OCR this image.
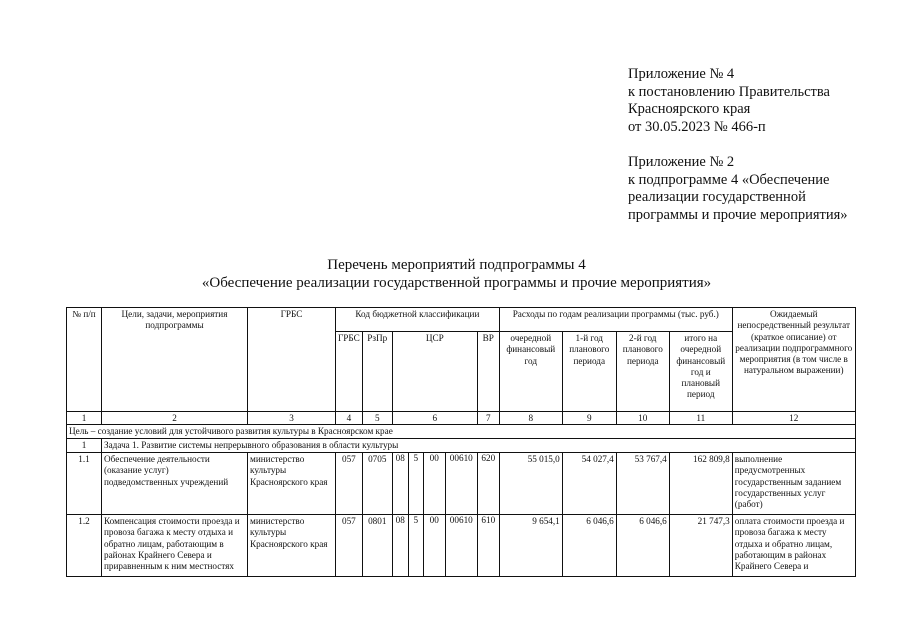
Приложение № 4
к постановлению Правительства
Красноярского края
от 30.05.2023 № 466-п
Приложение № 2
к подпрограмме 4 «Обеспечение
реализации государственной
программы и прочие мероприятия»
Перечень мероприятий подпрограммы 4
«Обеспечение реализации государственной программы и прочие мероприятия»
№ п/п	Цели, задачи, мероприятия подпрограммы	ГРБС	Код бюджетной классификации							Расходы по годам реализации программы (тыс. руб.)				Ожидаемый непосредственный результат (краткое описание) от реализации подпрограммного мероприятия (в том числе в натуральном выражении)
			ГРБС	РзПр	ЦСР				ВР	очередной финансовый год	1-й год планового периода	2-й год планового периода	итого на очередной финансовый год и плановый период	
1	2	3	4	5	6				7	8	9	10	11	12
Цель – создание условий для устойчивого развития культуры в Красноярском крае														
1	Задача 1. Развитие системы непрерывного образования в области культуры													
1.1	Обеспечение деятельности (оказание услуг) подведомственных учреждений	министерство культуры Красноярского края	057	0705	08	5	00	00610	620	55 015,0	54 027,4	53 767,4	162 809,8	выполнение предусмотренных государственным заданием государственных услуг (работ)
1.2	Компенсация стоимости проезда и провоза багажа к месту отдыха и обратно лицам, работающим в районах Крайнего Севера и приравненным к ним местностях	министерство культуры Красноярского края	057	0801	08	5	00	00610	610	9 654,1	6 046,6	6 046,6	21 747,3	оплата стоимости проезда и провоза багажа к месту отдыха и обратно лицам, работающим в районах Крайнего Севера и
